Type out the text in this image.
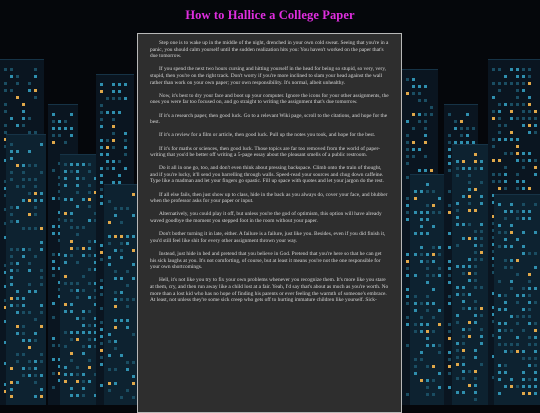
How to Hallice a College Paper

Step one is to wake up in the middle of the night, drenched in your own cold sweat. Seeing that you're in a panic, you should calm yourself until the sudden realization hits you: You haven't worked on the paper that's due tomorrow.

If you spend the next two hours cursing and hitting yourself in the head for being so stupid, so very, very, stupid, then you're on the right track. Don't worry if you're more inclined to slam your head against the wall rather than work on your own paper; your own responsibility. It's normal, albeit unhealthy.

Now, it's best to dry your face and boot up your computer. Ignore the icons for your other assignments, the ones you were far too focused on, and go straight to writing the assignment that's due tomorrow.

If it's a research paper, then good luck. Go to a relevant Wiki page, scroll to the citations, and hope for the best.

If it's a review for a film or article, then good luck. Pull up the notes you took, and hope for the best.

If it's for maths or sciences, then good luck. Those topics are far too removed from the world of paper-writing that you'd be better off writing a 5-page essay about the pleasant smells of a public restroom.

Do it all in one go, too, and don't even think about pressing backspace. Climb onto the train of thought, and if you're lucky, it'll send you barrelling through walls. Speed-read your sources and chug down caffeine. Type like a madman and let your fingers go spastic. Fill up space with quotes and let your jargon do the rest.

If all else fails, then just show up to class, hide in the back as you always do, cover your face, and blubber when the professor asks for your paper or input.

Alternatively, you could play it off, but unless you're the god of optimism, this option will have already waved goodbye the moment you stepped foot in the room without your paper.

Don't bother turning it in late, either. A failure is a failure, just like you. Besides, even if you did finish it, you'd still feel like shit for every other assignment thrown your way.

Instead, just hide in bed and pretend that you believe in God. Pretend that you're here so that he can get his sick laughs at you. It's not comforting, of course, but at least it means you're not the one responsible for your own shortcomings.

Hell, it's not like you try to fix your own problems whenever you recognize them. It's more like you stare at them, cry, and then run away like a child lost at a fair. Yeah, I'd say that's about as much as you're worth. No more than a lost kid who has no hope of finding his parents or ever feeling the warmth of someone's embrace. At least, not unless they're some sick creep who gets off to hurting immature children like yourself. Sick-
